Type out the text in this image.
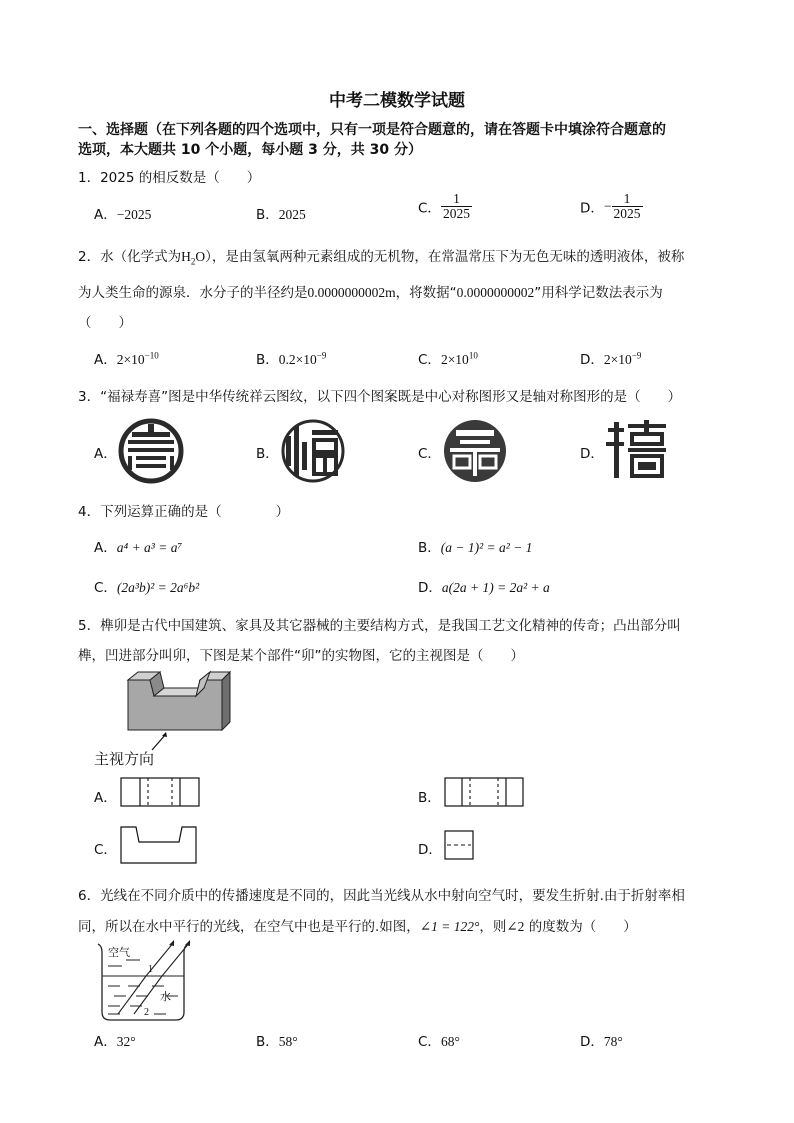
中考二模数学试题
一、选择题（在下列各题的四个选项中，只有一项是符合题意的，请在答题卡中填涂符合题意的
选项，本大题共 10 个小题，每小题 3 分，共 30 分）
1．2025 的相反数是（　　）
A．−2025	B．2025	C． $\frac{1}{2025}$	D．− $\frac{1}{2025}$
2．水（化学式为$H_2O$），是由氢氧两种元素组成的无机物，在常温常压下为无色无味的透明液体，被称
为人类生命的源泉．水分子的半径约是0.0000000002m，将数据“0.0000000002”用科学记数法表示为
（　　）
A．$2\times 10^{-10}$	B．$0.2\times 10^{-9}$	C．$2\times 10^{10}$	D．$2\times 10^{-9}$
3．“福禄寿喜”图是中华传统祥云图纹，以下四个图案既是中心对称图形又是轴对称图形的是（　　）
A．	B．	C．	D．
4．下列运算正确的是（　　　　）
A．a⁴ + a³ = a⁷	B．(a − 1)² = a² − 1
C．(2a³b)² = 2a⁶b²	D．a(2a + 1) = 2a² + a
5．榫卯是古代中国建筑、家具及其它器械的主要结构方式，是我国工艺文化精神的传奇；凸出部分叫
榫，凹进部分叫卯，下图是某个部件“卯”的实物图，它的主视图是（　　）
主视方向
A．	B．
C．	D．
6．光线在不同介质中的传播速度是不同的，因此当光线从水中射向空气时，要发生折射.由于折射率相
同，所以在水中平行的光线，在空气中也是平行的.如图，∠1 = 122°，则∠2 的度数为（　　）
空气
水
1
2
A．32°	B．58°	C．68°	D．78°
